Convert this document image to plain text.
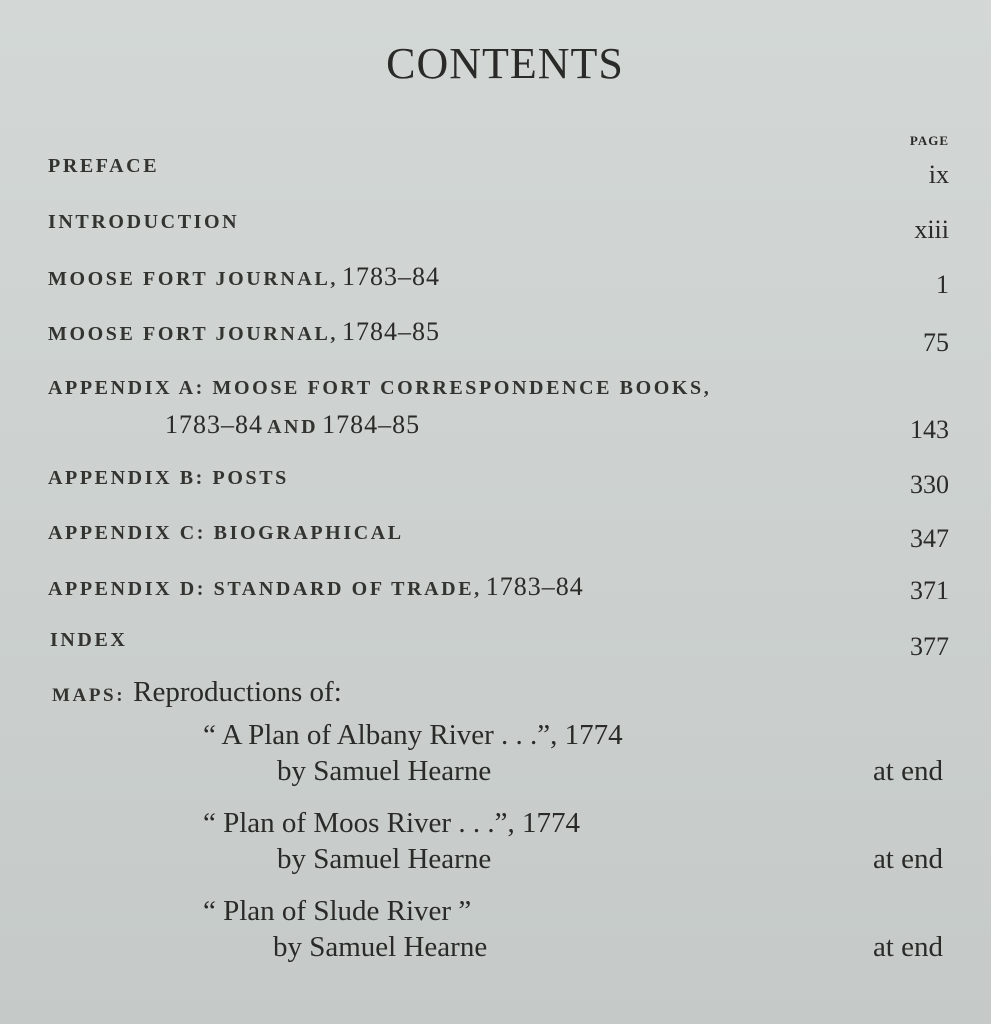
CONTENTS
PAGE
PREFACE	ix
INTRODUCTION	xiii
MOOSE FORT JOURNAL, 1783–84	1
MOOSE FORT JOURNAL, 1784–85	75
APPENDIX A: MOOSE FORT CORRESPONDENCE BOOKS,
1783–84 AND 1784–85	143
APPENDIX B: POSTS	330
APPENDIX C: BIOGRAPHICAL	347
APPENDIX D: STANDARD OF TRADE, 1783–84	371
INDEX	377
MAPS: Reproductions of:
“ A Plan of Albany River . . .”, 1774
by Samuel Hearne	at end
“ Plan of Moos River . . .”, 1774
by Samuel Hearne	at end
“ Plan of Slude River ”
by Samuel Hearne	at end
